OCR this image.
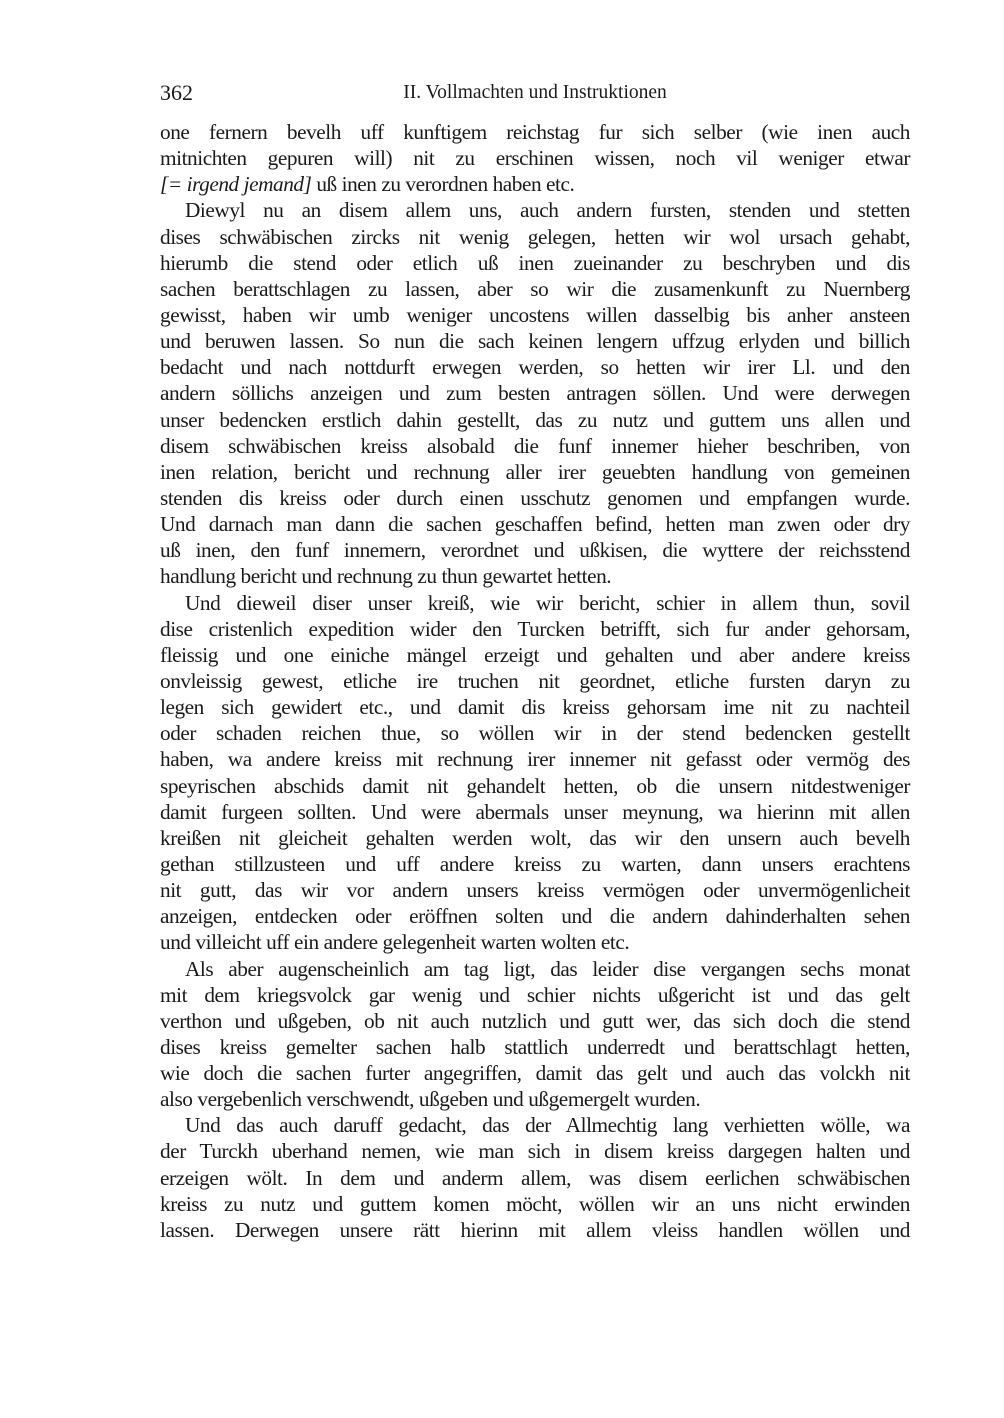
362	II. Vollmachten und Instruktionen
one fernern bevelh uff kunftigem reichstag fur sich selber (wie inen auch
mitnichten gepuren will) nit zu erschinen wissen, noch vil weniger etwar
[= irgend jemand] uß inen zu verordnen haben etc.
Diewyl nu an disem allem uns, auch andern fursten, stenden und stetten
dises schwäbischen zircks nit wenig gelegen, hetten wir wol ursach gehabt,
hierumb die stend oder etlich uß inen zueinander zu beschryben und dis
sachen berattschlagen zu lassen, aber so wir die zusamenkunft zu Nuernberg
gewisst, haben wir umb weniger uncostens willen dasselbig bis anher ansteen
und beruwen lassen. So nun die sach keinen lengern uffzug erlyden und billich
bedacht und nach nottdurft erwegen werden, so hetten wir irer Ll. und den
andern söllichs anzeigen und zum besten antragen söllen. Und were derwegen
unser bedencken erstlich dahin gestellt, das zu nutz und guttem uns allen und
disem schwäbischen kreiss alsobald die funf innemer hieher beschriben, von
inen relation, bericht und rechnung aller irer geuebten handlung von gemeinen
stenden dis kreiss oder durch einen usschutz genomen und empfangen wurde.
Und darnach man dann die sachen geschaffen befind, hetten man zwen oder dry
uß inen, den funf innemern, verordnet und ußkisen, die wyttere der reichsstend
handlung bericht und rechnung zu thun gewartet hetten.
Und dieweil diser unser kreiß, wie wir bericht, schier in allem thun, sovil
dise cristenlich expedition wider den Turcken betrifft, sich fur ander gehorsam,
fleissig und one einiche mängel erzeigt und gehalten und aber andere kreiss
onvleissig gewest, etliche ire truchen nit geordnet, etliche fursten daryn zu
legen sich gewidert etc., und damit dis kreiss gehorsam ime nit zu nachteil
oder schaden reichen thue, so wöllen wir in der stend bedencken gestellt
haben, wa andere kreiss mit rechnung irer innemer nit gefasst oder vermög des
speyrischen abschids damit nit gehandelt hetten, ob die unsern nitdestweniger
damit furgeen sollten. Und were abermals unser meynung, wa hierinn mit allen
kreißen nit gleicheit gehalten werden wolt, das wir den unsern auch bevelh
gethan stillzusteen und uff andere kreiss zu warten, dann unsers erachtens
nit gutt, das wir vor andern unsers kreiss vermögen oder unvermögenlicheit
anzeigen, entdecken oder eröffnen solten und die andern dahinderhalten sehen
und villeicht uff ein andere gelegenheit warten wolten etc.
Als aber augenscheinlich am tag ligt, das leider dise vergangen sechs monat
mit dem kriegsvolck gar wenig und schier nichts ußgericht ist und das gelt
verthon und ußgeben, ob nit auch nutzlich und gutt wer, das sich doch die stend
dises kreiss gemelter sachen halb stattlich underredt und berattschlagt hetten,
wie doch die sachen furter angegriffen, damit das gelt und auch das volckh nit
also vergebenlich verschwendt, ußgeben und ußgemergelt wurden.
Und das auch daruff gedacht, das der Allmechtig lang verhietten wölle, wa
der Turckh uberhand nemen, wie man sich in disem kreiss dargegen halten und
erzeigen wölt. In dem und anderm allem, was disem eerlichen schwäbischen
kreiss zu nutz und guttem komen möcht, wöllen wir an uns nicht erwinden
lassen. Derwegen unsere rätt hierinn mit allem vleiss handlen wöllen und
